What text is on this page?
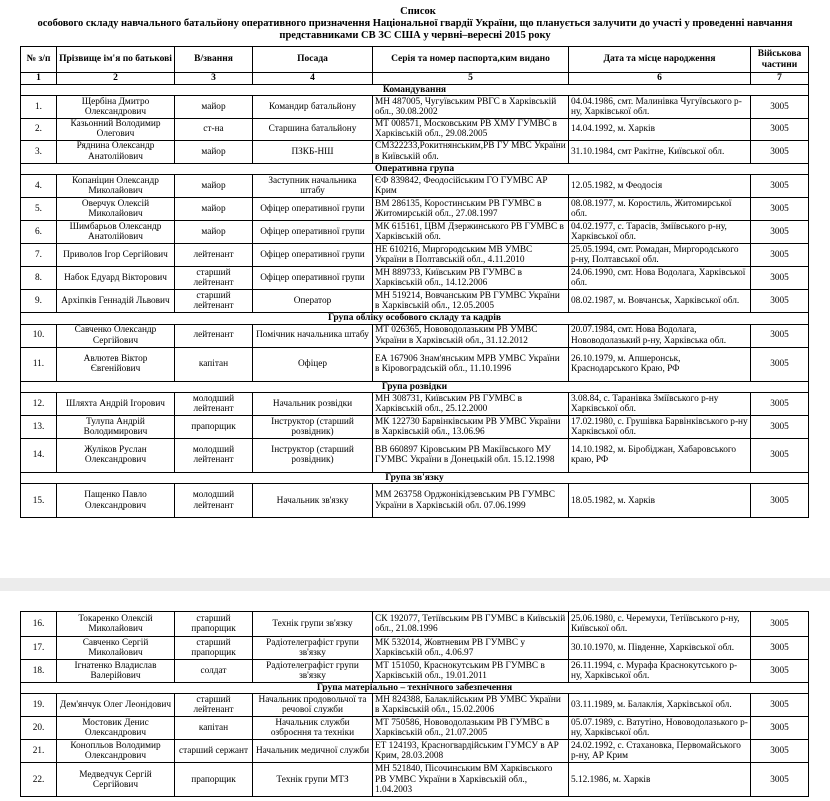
Список
особового складу навчального батальйону оперативного призначення Національної гвардії України, що планується залучити до участі у проведенні навчання
представниками СВ ЗС США у червні–вересні 2015 року
№ з/п	Прізвище ім'я по батькові	В/звання	Посада	Серія та номер паспорта,ким видано	Дата та місце народження	Військова частини
1	2	3	4	5	6	7
Командування						
1.	Щербіна Дмитро Олександрович	майор	Командир батальйону	МН 487005, Чугуївським РВГС в Харківській обл., 30.08.2002	04.04.1986, смт. Малинівка Чугуївського р-ну, Харківської обл.	3005
2.	Казьонний Володимир Олегович	ст-на	Старшина батальйону	МТ 008571, Московським РВ ХМУ ГУМВС в Харківській обл., 29.08.2005	14.04.1992, м. Харків	3005
3.	Ряднина Олександр Анатолійович	майор	ПЗКБ-НШ	СМ322233,Рокитнянським,РВ ГУ МВС України в Київській обл.	31.10.1984, смт Ракітне, Київської обл.	3005
Оперативна група						
4.	Копаніцин Олександр Миколайович	майор	Заступник начальника штабу	ЄФ 839842, Феодосійським ГО ГУМВС АР Крим	12.05.1982, м Феодосія	3005
5.	Оверчук Олексій Миколайович	майор	Офіцер оперативної групи	ВМ 286135, Коростинським РВ ГУМВС в Житомирській обл., 27.08.1997	08.08.1977, м. Коростиль, Житомирської обл.	3005
6.	Шимбарьов Олександр Анатолійович	майор	Офіцер оперативної групи	МК 615161, ЦВМ Дзержинського РВ ГУМВС в Харківській обл.	04.02.1977, с. Тарасів, Зміївського р-ну, Харківської обл.	3005
7.	Приволов Ігор Сергійович	лейтенант	Офіцер оперативної групи	НЕ 610216, Миргородським МВ УМВС України в Полтавській обл., 4.11.2010	25.05.1994, смт. Ромадан, Миргородського р-ну, Полтавської обл.	3005
8.	Набок Едуард Вікторович	старший лейтенант	Офіцер оперативної групи	МН 889733, Київським РВ ГУМВС в Харківській обл., 14.12.2006	24.06.1990, смт. Нова Водолага, Харківської обл.	3005
9.	Архіпків Геннадій Львович	старший лейтенант	Оператор	МН 519214, Вовчанським РВ ГУМВС України в Харківській обл., 12.05.2005	08.02.1987, м. Вовчанськ, Харківської обл.	3005
Група обліку особового складу та кадрів						
10.	Савченко Олександр Сергійович	лейтенант	Помічник начальника штабу	МТ 026365, Нововодолазьким РВ УМВС України в Харківській обл., 31.12.2012	20.07.1984, смт. Нова Водолага, Нововодолазький р-ну, Харківська обл.	3005
11.	Авлютев Віктор Євгенійович	капітан	Офіцер	ЕА 167906 Знам'янським МРВ УМВС України в Кіровоградській обл., 11.10.1996	26.10.1979, м. Апшеронськ, Краснодарського Краю, РФ	3005
Група розвідки						
12.	Шляхта Андрій Ігорович	молодший лейтенант	Начальник розвідки	МН 308731, Київським РВ ГУМВС в Харківській обл., 25.12.2000	3.08.84, с. Таранівка Зміївського р-ну Харківської обл.	3005
13.	Тулупа Андрій Володимирович	прапорщик	Інструктор (старший розвідник)	МК 122730 Барвінківським РВ УМВС України в Харківській обл., 13.06.96	17.02.1980, с. Грушівка Барвінківського р-ну Харківської обл.	3005
14.	Жуліков Руслан Олександрович	молодший лейтенант	Інструктор (старший розвідник)	ВВ 660897 Кіровським РВ Макіївського МУ ГУМВС України в Донецькій обл. 15.12.1998	14.10.1982, м. Біробіджан, Хабаровського краю, РФ	3005
Група зв'язку						
15.	Пащенко Павло Олександрович	молодший лейтенант	Начальник зв'язку	ММ 263758 Орджонікідзевським РВ ГУМВС України в Харківській обл. 07.06.1999	18.05.1982, м. Харків	3005
16.	Токаренко Олексій Миколайович	старший прапорщик	Технік групи зв'язку	СК 192077, Тетіївським РВ ГУМВС в Київській обл., 21.08.1996	25.06.1980, с. Черемухи, Тетіївського р-ну, Київської обл.	3005
17.	Савченко Сергій Миколайович	старший прапорщик	Радіотелеграфіст групи зв'язку	МК 532014, Жовтневим РВ ГУМВС у Харківській обл., 4.06.97	30.10.1970, м. Південне, Харківської обл.	3005
18.	Ігнатенко Владислав Валерійович	солдат	Радіотелеграфіст групи зв'язку	МТ 151050, Краснокутським РВ ГУМВС в Харківській обл., 19.01.2011	26.11.1994, с. Мурафа Краснокутського р-ну, Харківської обл.	3005
Група матеріально – технічного забезпечення						
19.	Дем'янчук Олег Леонідович	старший лейтенант	Начальник продовольчої та речової служби	МН 824388, Балаклійським РВ УМВС України в Харківській обл., 15.02.2006	03.11.1989, м. Балаклія, Харківської обл.	3005
20.	Мостовик Денис Олександрович	капітан	Начальник служби озброєння та техніки	МТ 750586, Нововодолазьким РВ ГУМВС в Харківській обл., 21.07.2005	05.07.1989, с. Ватутіно, Нововодолазького р-ну, Харківської обл.	3005
21.	Конопльов Володимир Олександрович	старший сержант	Начальник медичної служби	ЕТ 124193, Красногвардійським ГУМСУ в АР Крим, 28.03.2008	24.02.1992, с. Стахановка, Первомайського р-ну, АР Крим	3005
22.	Медведчук Сергій Сергійович	прапорщик	Технік групи МТЗ	МН 521840, Пісочинським ВМ Харківського РВ УМВС України в Харківській обл., 1.04.2003	5.12.1986, м. Харків	3005
